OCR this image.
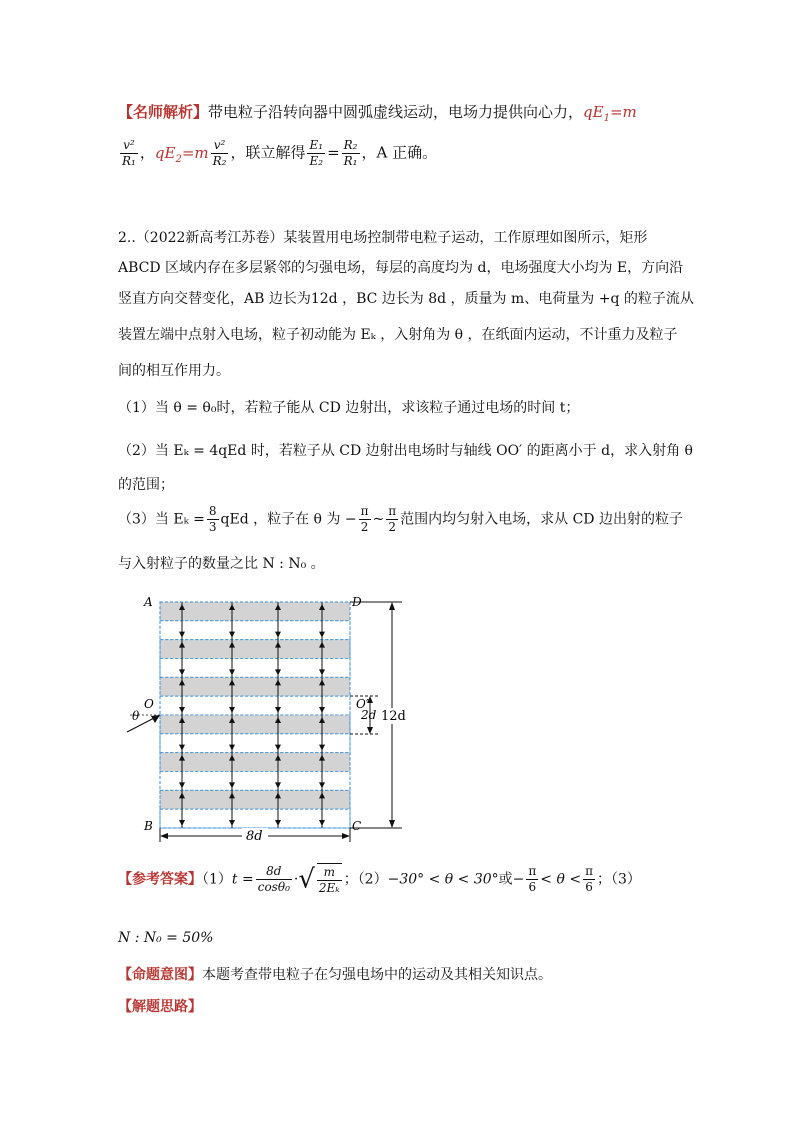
【名师解析】带电粒子沿转向器中圆弧虚线运动，电场力提供向心力，$qE_1=m$
$\frac{\text{v²}}{\text{R₁}}$ ，$qE_2=m \frac{\text{v²}}{\text{R₂}}$ ，联立解得 $\frac{\text{E₁}}{\text{E₂}} = \frac{\text{R₂}}{\text{R₁}}$ ，A 正确。
2..（2022新高考江苏卷）某装置用电场控制带电粒子运动，工作原理如图所示，矩形
ABCD 区域内存在多层紧邻的匀强电场，每层的高度均为 d，电场强度大小均为 E，方向沿
竖直方向交替变化，AB 边长为12d ，BC 边长为 8d ，质量为 m、电荷量为 +q 的粒子流从
装置左端中点射入电场，粒子初动能为 Eₖ ，入射角为 θ ，在纸面内运动，不计重力及粒子
间的相互作用力。
（1）当 θ = θ₀时，若粒子能从 CD 边射出，求该粒子通过电场的时间 t；
（2）当 Eₖ = 4qEd 时，若粒子从 CD 边射出电场时与轴线 OO′ 的距离小于 d，求入射角 θ
的范围；
（3）当 $E_k = \frac{8}{3}$ qEd ，粒子在 θ 为 − $\frac{\pi}{2}$ ~ $\frac{\pi}{2}$ 范围内均匀射入电场，求从 CD 边出射的粒子
与入射粒子的数量之比 N : N₀ 。
12d
8d
2d
A
B	C
D
O	O′
θ
【参考答案】$(1)t = \frac{8d}{\text{cosθ₀}}$ ·√ $\frac{m}{\text{2Eₖ}}$ ；（2）−30° < θ < 30°或− $\frac{\pi}{6} < \theta < \frac{\pi}{6}$ ；（3）
N : N₀ = 50%
【命题意图】本题考查带电粒子在匀强电场中的运动及其相关知识点。
【解题思路】
